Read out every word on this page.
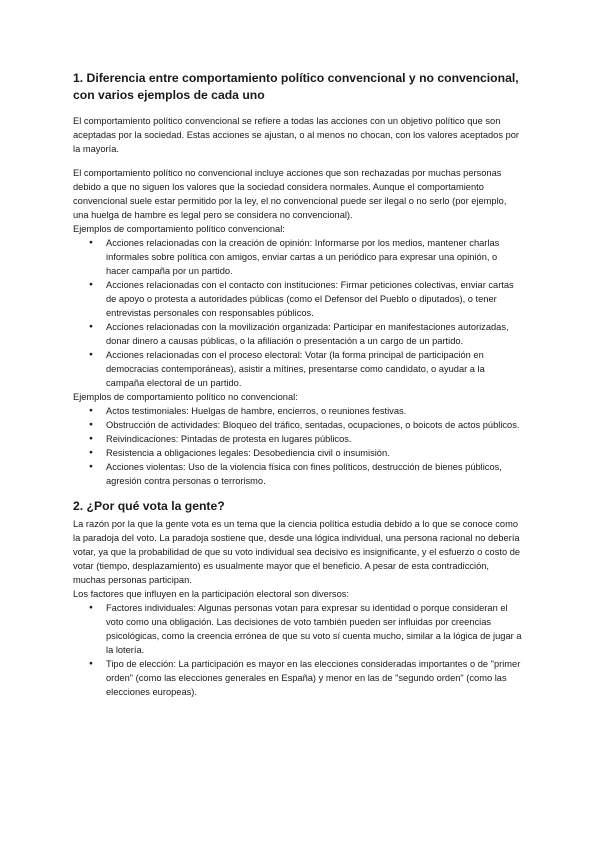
1. Diferencia entre comportamiento político convencional y no convencional, con varios ejemplos de cada uno

El comportamiento político convencional se refiere a todas las acciones con un objetivo político que son aceptadas por la sociedad. Estas acciones se ajustan, o al menos no chocan, con los valores aceptados por la mayoría.

El comportamiento político no convencional incluye acciones que son rechazadas por muchas personas debido a que no siguen los valores que la sociedad considera normales. Aunque el comportamiento convencional suele estar permitido por la ley, el no convencional puede ser ilegal o no serlo (por ejemplo, una huelga de hambre es legal pero se considera no convencional).

Ejemplos de comportamiento político convencional:
● Acciones relacionadas con la creación de opinión: Informarse por los medios, mantener charlas informales sobre política con amigos, enviar cartas a un periódico para expresar una opinión, o hacer campaña por un partido.
● Acciones relacionadas con el contacto con instituciones: Firmar peticiones colectivas, enviar cartas de apoyo o protesta a autoridades públicas (como el Defensor del Pueblo o diputados), o tener entrevistas personales con responsables públicos.
● Acciones relacionadas con la movilización organizada: Participar en manifestaciones autorizadas, donar dinero a causas públicas, o la afiliación o presentación a un cargo de un partido.
● Acciones relacionadas con el proceso electoral: Votar (la forma principal de participación en democracias contemporáneas), asistir a mítines, presentarse como candidato, o ayudar a la campaña electoral de un partido.
Ejemplos de comportamiento político no convencional:
● Actos testimoniales: Huelgas de hambre, encierros, o reuniones festivas.
● Obstrucción de actividades: Bloqueo del tráfico, sentadas, ocupaciones, o boicots de actos públicos.
● Reivindicaciones: Pintadas de protesta en lugares públicos.
● Resistencia a obligaciones legales: Desobediencia civil o insumisión.
● Acciones violentas: Uso de la violencia física con fines políticos, destrucción de bienes públicos, agresión contra personas o terrorismo.
2. ¿Por qué vota la gente?

La razón por la que la gente vota es un tema que la ciencia política estudia debido a lo que se conoce como la paradoja del voto. La paradoja sostiene que, desde una lógica individual, una persona racional no debería votar, ya que la probabilidad de que su voto individual sea decisivo es insignificante, y el esfuerzo o costo de votar (tiempo, desplazamiento) es usualmente mayor que el beneficio. A pesar de esta contradicción, muchas personas participan.

Los factores que influyen en la participación electoral son diversos:
● Factores individuales: Algunas personas votan para expresar su identidad o porque consideran el voto como una obligación. Las decisiones de voto también pueden ser influidas por creencias psicológicas, como la creencia errónea de que su voto sí cuenta mucho, similar a la lógica de jugar a la lotería.
● Tipo de elección: La participación es mayor en las elecciones consideradas importantes o de "primer orden" (como las elecciones generales en España) y menor en las de "segundo orden" (como las elecciones europeas).
